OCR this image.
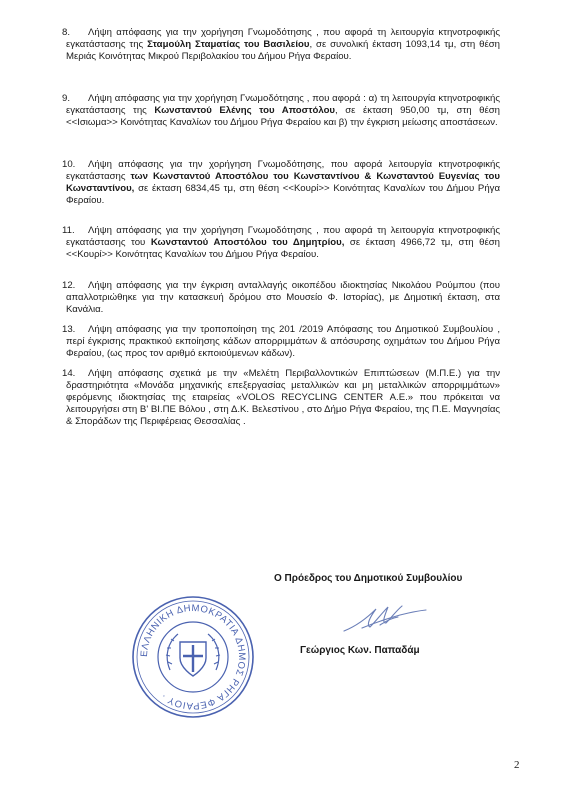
8.	Λήψη απόφασης για την χορήγηση Γνωμοδότησης , που αφορά τη λειτουργία κτηνοτροφικής εγκατάστασης της Σταμούλη Σταματίας του Βασιλείου, σε συνολική έκταση 1093,14 τμ, στη θέση Μεριάς Κοινότητας Μικρού Περιβολακίου του Δήμου Ρήγα Φεραίου.
9.	Λήψη απόφασης για την χορήγηση Γνωμοδότησης , που αφορά : α) τη λειτουργία κτηνοτροφικής εγκατάστασης της Κωνσταντού Ελένης του Αποστόλου, σε έκταση 950,00 τμ, στη θέση <<Ισιωμα>> Κοινότητας Καναλίων του Δήμου Ρήγα Φεραίου και β) την έγκριση μείωσης αποστάσεων.
10.	Λήψη απόφασης για την χορήγηση Γνωμοδότησης, που αφορά λειτουργία κτηνοτροφικής εγκατάστασης των Κωνσταντού Αποστόλου του Κωνσταντίνου & Κωνσταντού Ευγενίας του Κωνσταντίνου, σε έκταση 6834,45 τμ, στη θέση <<Κουρί>> Κοινότητας Καναλίων του Δήμου Ρήγα Φεραίου.
11.	Λήψη απόφασης για την χορήγηση Γνωμοδότησης , που αφορά τη λειτουργία κτηνοτροφικής εγκατάστασης του Κωνσταντού Αποστόλου του Δημητρίου, σε έκταση 4966,72 τμ, στη θέση <<Κουρί>> Κοινότητας Καναλίων του Δήμου Ρήγα Φεραίου.
12.	Λήψη απόφασης για την έγκριση ανταλλαγής οικοπέδου ιδιοκτησίας Νικολάου Ρούμπου (που απαλλοτριώθηκε για την κατασκευή δρόμου στο Μουσείο Φ. Ιστορίας), με Δημοτική έκταση, στα Κανάλια.
13.	Λήψη απόφασης για την τροποποίηση της 201 /2019 Απόφασης του Δημοτικού Συμβουλίου , περί έγκρισης πρακτικού εκποίησης κάδων απορριμμάτων & απόσυρσης οχημάτων του Δήμου Ρήγα Φεραίου, (ως προς τον αριθμό εκποιούμενων κάδων).
14.	Λήψη απόφασης σχετικά με την «Μελέτη Περιβαλλοντικών Επιπτώσεων (Μ.Π.Ε.) για την δραστηριότητα «Μονάδα μηχανικής επεξεργασίας μεταλλικών και μη μεταλλικών απορριμμάτων» φερόμενης ιδιοκτησίας της εταιρείας «VOLOS RECYCLING CENTER Α.Ε.» που πρόκειται να λειτουργήσει στη Β' ΒΙ.ΠΕ Βόλου , στη Δ.Κ. Βελεστίνου , στο Δήμο Ρήγα Φεραίου, της Π.Ε. Μαγνησίας & Σποράδων της Περιφέρειας Θεσσαλίας .
ΕΛΛΗΝΙΚΗ ΔΗΜΟΚΡΑΤΙΑ ΔΗΜΟΣ ΡΗΓΑ ΦΕΡΑΙΟΥ ·
Ο Πρόεδρος του Δημοτικού Συμβουλίου
Γεώργιος Κων. Παπαδάμ
2
